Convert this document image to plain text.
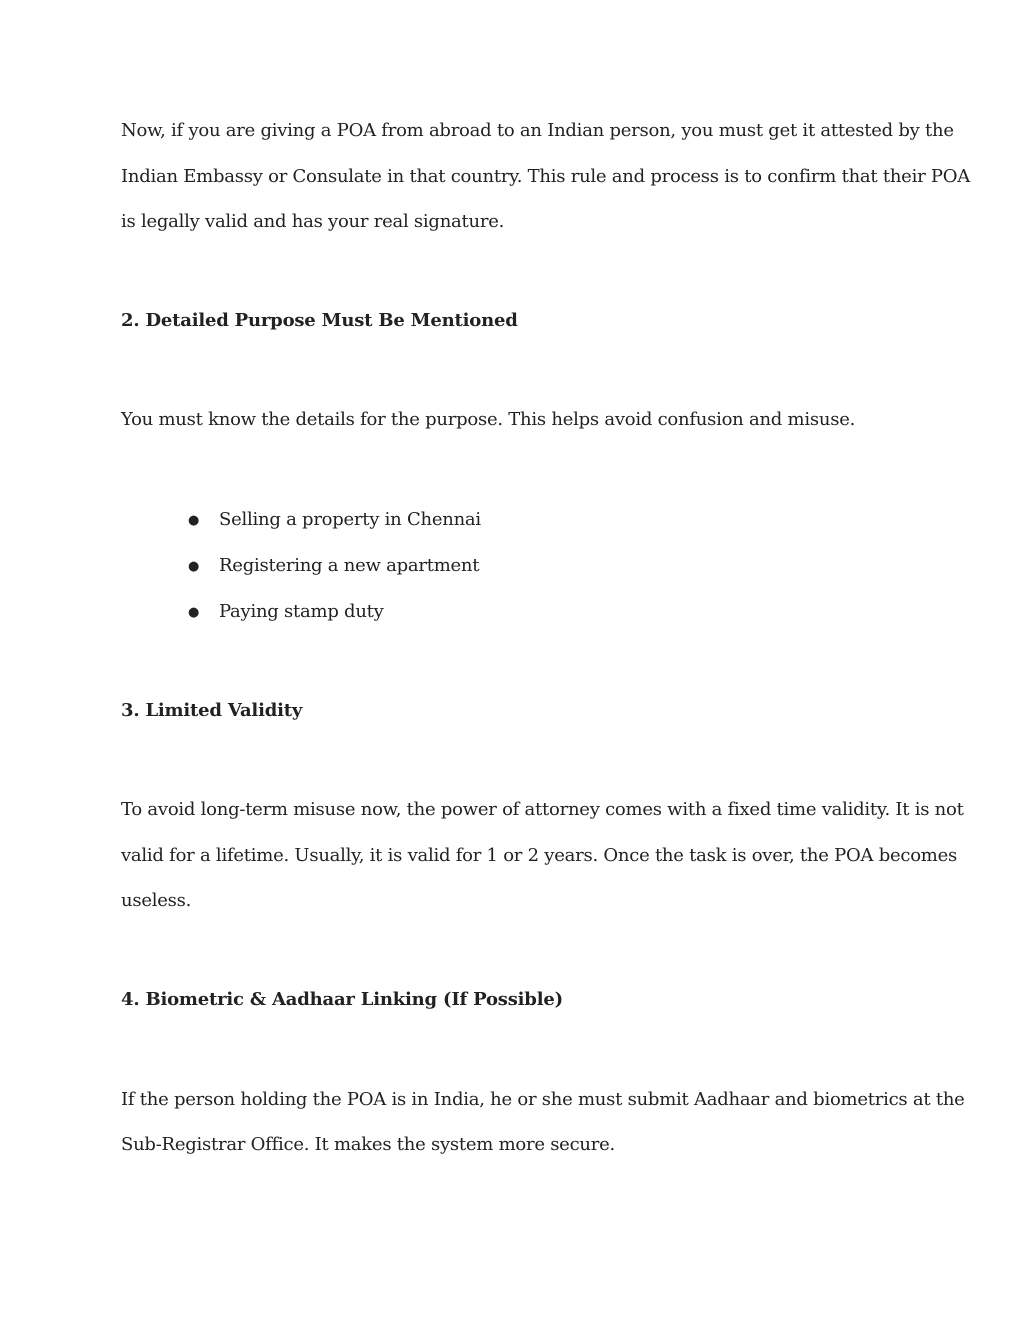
Now, if you are giving a POA from abroad to an Indian person, you must get it attested by the
Indian Embassy or Consulate in that country. This rule and process is to confirm that their POA
is legally valid and has your real signature.
2. Detailed Purpose Must Be Mentioned
You must know the details for the purpose. This helps avoid confusion and misuse.
● Selling a property in Chennai
● Registering a new apartment
● Paying stamp duty
3. Limited Validity
To avoid long-term misuse now, the power of attorney comes with a fixed time validity. It is not
valid for a lifetime. Usually, it is valid for 1 or 2 years. Once the task is over, the POA becomes
useless.
4. Biometric & Aadhaar Linking (If Possible)
If the person holding the POA is in India, he or she must submit Aadhaar and biometrics at the
Sub-Registrar Office. It makes the system more secure.
